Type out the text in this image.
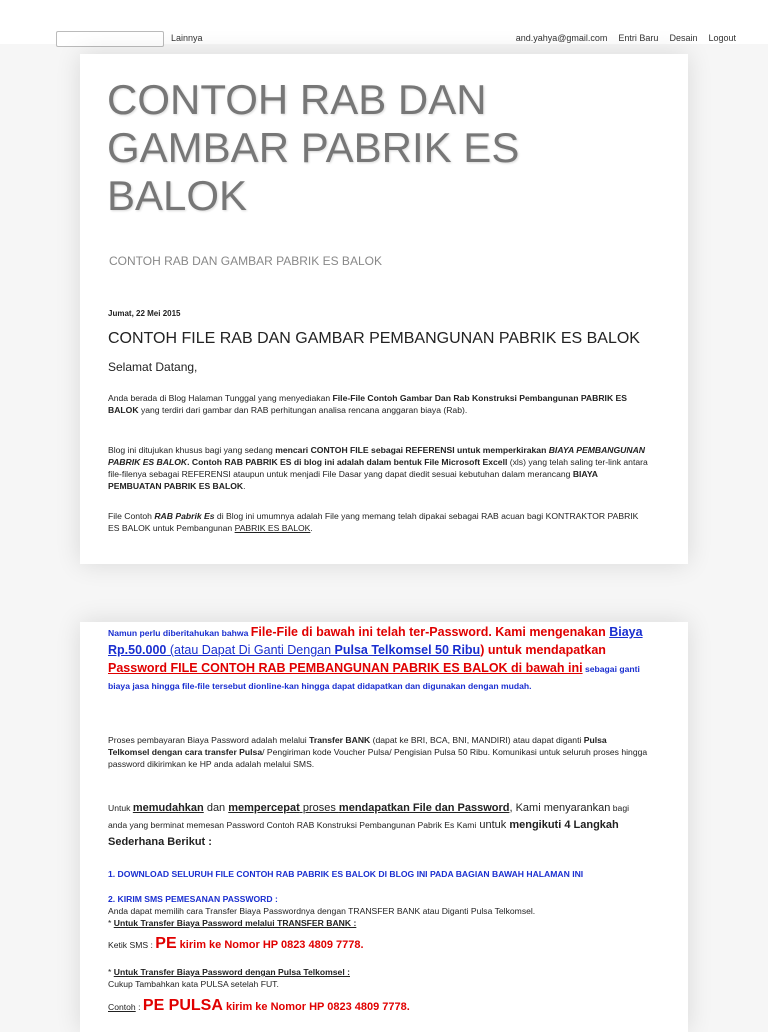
Lainnya	and.yahya@gmail.com Entri Baru Desain Logout
CONTOH RAB DAN GAMBAR PABRIK ES BALOK
CONTOH RAB DAN GAMBAR PABRIK ES BALOK
Jumat, 22 Mei 2015
CONTOH FILE RAB DAN GAMBAR PEMBANGUNAN PABRIK ES BALOK
Selamat Datang,
Anda berada di Blog Halaman Tunggal yang menyediakan File-File Contoh Gambar Dan Rab Konstruksi Pembangunan PABRIK ES BALOK yang terdiri dari gambar dan RAB perhitungan analisa rencana anggaran biaya (Rab).
Blog ini ditujukan khusus bagi yang sedang mencari CONTOH FILE sebagai REFERENSI untuk memperkirakan BIAYA PEMBANGUNAN PABRIK ES BALOK. Contoh RAB PABRIK ES di blog ini adalah dalam bentuk File Microsoft Excell (xls) yang telah saling ter-link antara file-filenya sebagai REFERENSI ataupun untuk menjadi File Dasar yang dapat diedit sesuai kebutuhan dalam merancang BIAYA PEMBUATAN PABRIK ES BALOK.
File Contoh RAB Pabrik Es di Blog ini umumnya adalah File yang memang telah dipakai sebagai RAB acuan bagi KONTRAKTOR PABRIK ES BALOK untuk Pembangunan PABRIK ES BALOK.
Namun perlu diberitahukan bahwa File-File di bawah ini telah ter-Password. Kami mengenakan Biaya Rp.50.000 (atau Dapat Di Ganti Dengan Pulsa Telkomsel 50 Ribu) untuk mendapatkan Password FILE CONTOH RAB PEMBANGUNAN PABRIK ES BALOK di bawah ini sebagai ganti biaya jasa hingga file-file tersebut dionline-kan hingga dapat didapatkan dan digunakan dengan mudah.
Proses pembayaran Biaya Password adalah melalui Transfer BANK (dapat ke BRI, BCA, BNI, MANDIRI) atau dapat diganti Pulsa Telkomsel dengan cara transfer Pulsa/ Pengiriman kode Voucher Pulsa/ Pengisian Pulsa 50 Ribu. Komunikasi untuk seluruh proses hingga password dikirimkan ke HP anda adalah melalui SMS.
Untuk memudahkan dan mempercepat proses mendapatkan File dan Password, Kami menyarankan bagi anda yang berminat memesan Password Contoh RAB Konstruksi Pembangunan Pabrik Es Kami untuk mengikuti 4 Langkah Sederhana Berikut :
1. DOWNLOAD SELURUH FILE CONTOH RAB PABRIK ES BALOK DI BLOG INI PADA BAGIAN BAWAH HALAMAN INI
2. KIRIM SMS PEMESANAN PASSWORD :
Anda dapat memilih cara Transfer Biaya Passwordnya dengan TRANSFER BANK atau Diganti Pulsa Telkomsel.
* Untuk Transfer Biaya Password melalui TRANSFER BANK :
Ketik SMS : PE kirim ke Nomor HP 0823 4809 7778.
* Untuk Transfer Biaya Password dengan Pulsa Telkomsel :
Cukup Tambahkan kata PULSA setelah FUT.
Contoh : PE PULSA kirim ke Nomor HP 0823 4809 7778.
